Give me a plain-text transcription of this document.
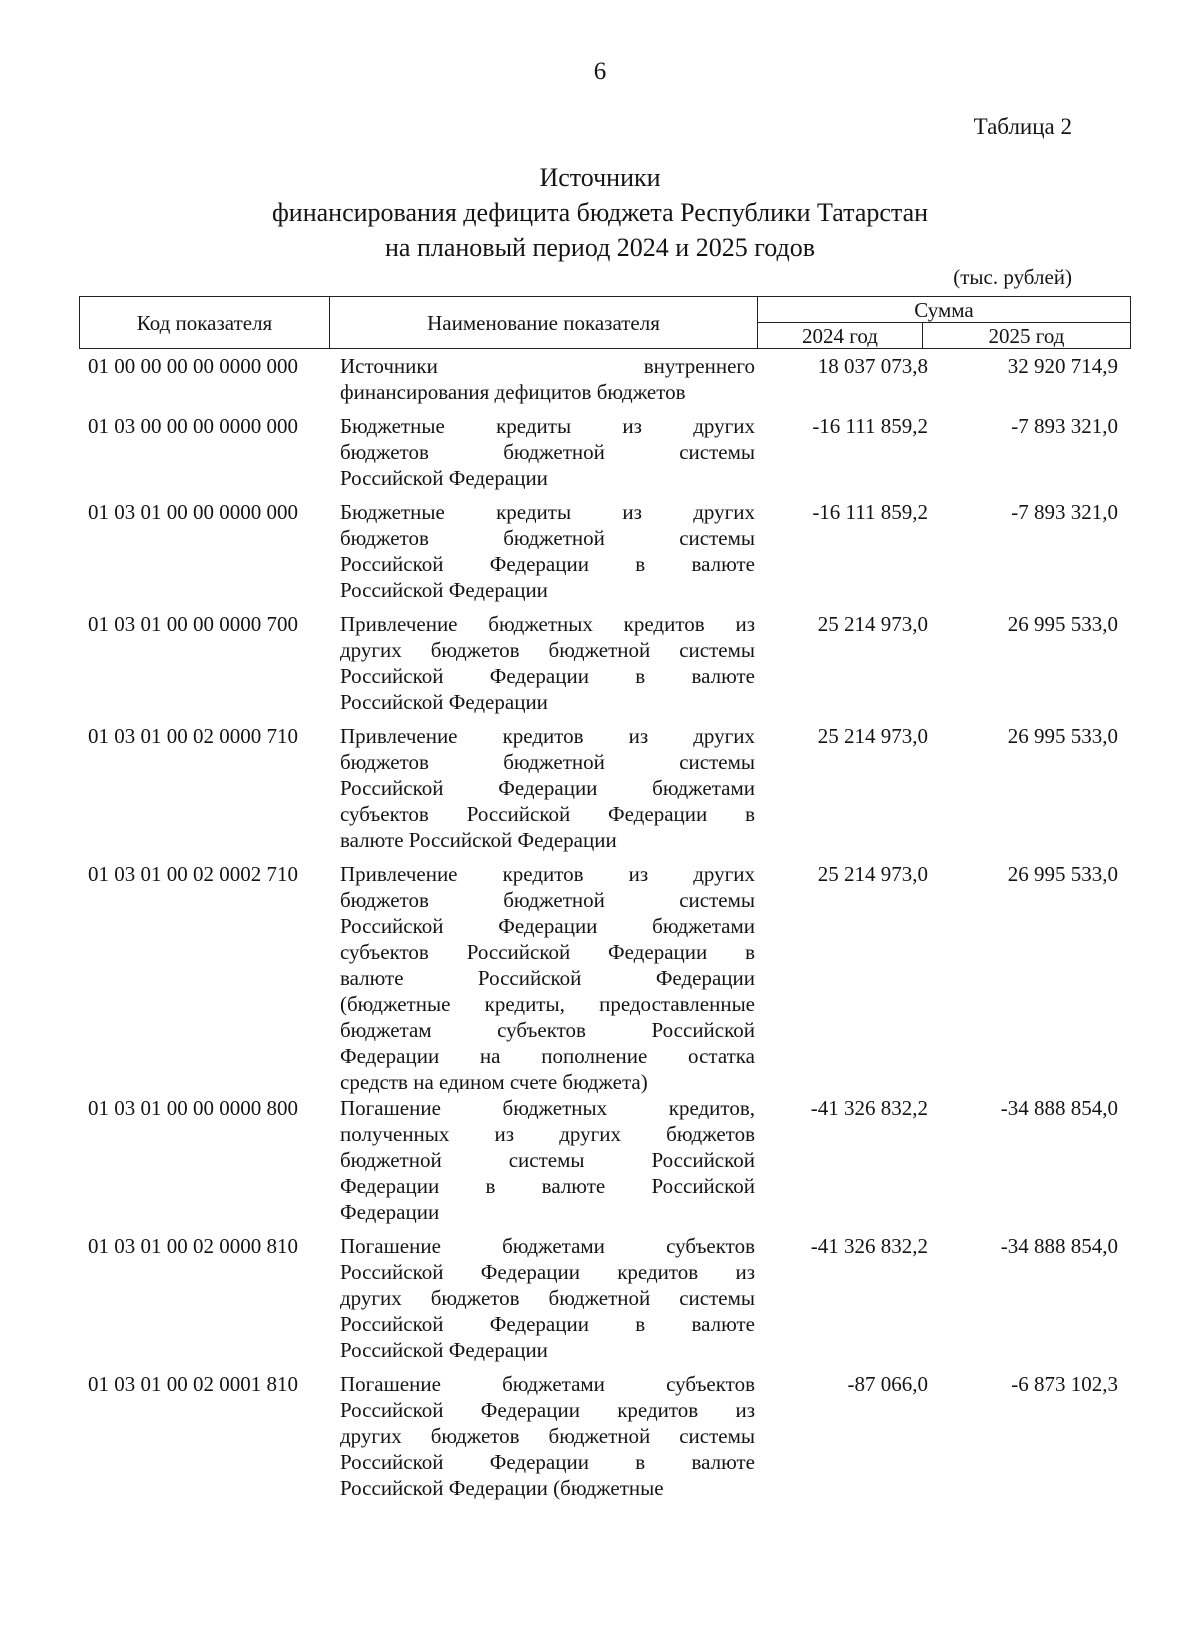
6
Таблица 2
Источники
финансирования дефицита бюджета Республики Татарстан
на плановый период 2024 и 2025 годов
(тыс. рублей)
Код показателя	Наименование показателя	Сумма	
		2024 год	2025 год
01 00 00 00 00 0000 000	Источники внутреннего
финансирования дефицитов бюджетов
18 037 073,8	32 920 714,9
01 03 00 00 00 0000 000	Бюджетные кредиты из других
бюджетов бюджетной системы
Российской Федерации
-16 111 859,2	-7 893 321,0
01 03 01 00 00 0000 000	Бюджетные кредиты из других
бюджетов бюджетной системы
Российской Федерации в валюте
Российской Федерации
-16 111 859,2	-7 893 321,0
01 03 01 00 00 0000 700	Привлечение бюджетных кредитов из
других бюджетов бюджетной системы
Российской Федерации в валюте
Российской Федерации
25 214 973,0	26 995 533,0
01 03 01 00 02 0000 710	Привлечение кредитов из других
бюджетов бюджетной системы
Российской Федерации бюджетами
субъектов Российской Федерации в
валюте Российской Федерации
25 214 973,0	26 995 533,0
01 03 01 00 02 0002 710	Привлечение кредитов из других
бюджетов бюджетной системы
Российской Федерации бюджетами
субъектов Российской Федерации в
валюте Российской Федерации
(бюджетные кредиты, предоставленные
бюджетам субъектов Российской
Федерации на пополнение остатка
средств на едином счете бюджета)
25 214 973,0	26 995 533,0
01 03 01 00 00 0000 800	Погашение бюджетных кредитов,
полученных из других бюджетов
бюджетной системы Российской
Федерации в валюте Российской
Федерации
-41 326 832,2	-34 888 854,0
01 03 01 00 02 0000 810	Погашение бюджетами субъектов
Российской Федерации кредитов из
других бюджетов бюджетной системы
Российской Федерации в валюте
Российской Федерации
-41 326 832,2	-34 888 854,0
01 03 01 00 02 0001 810	Погашение бюджетами субъектов
Российской Федерации кредитов из
других бюджетов бюджетной системы
Российской Федерации в валюте
Российской Федерации (бюджетные
-87 066,0	-6 873 102,3
